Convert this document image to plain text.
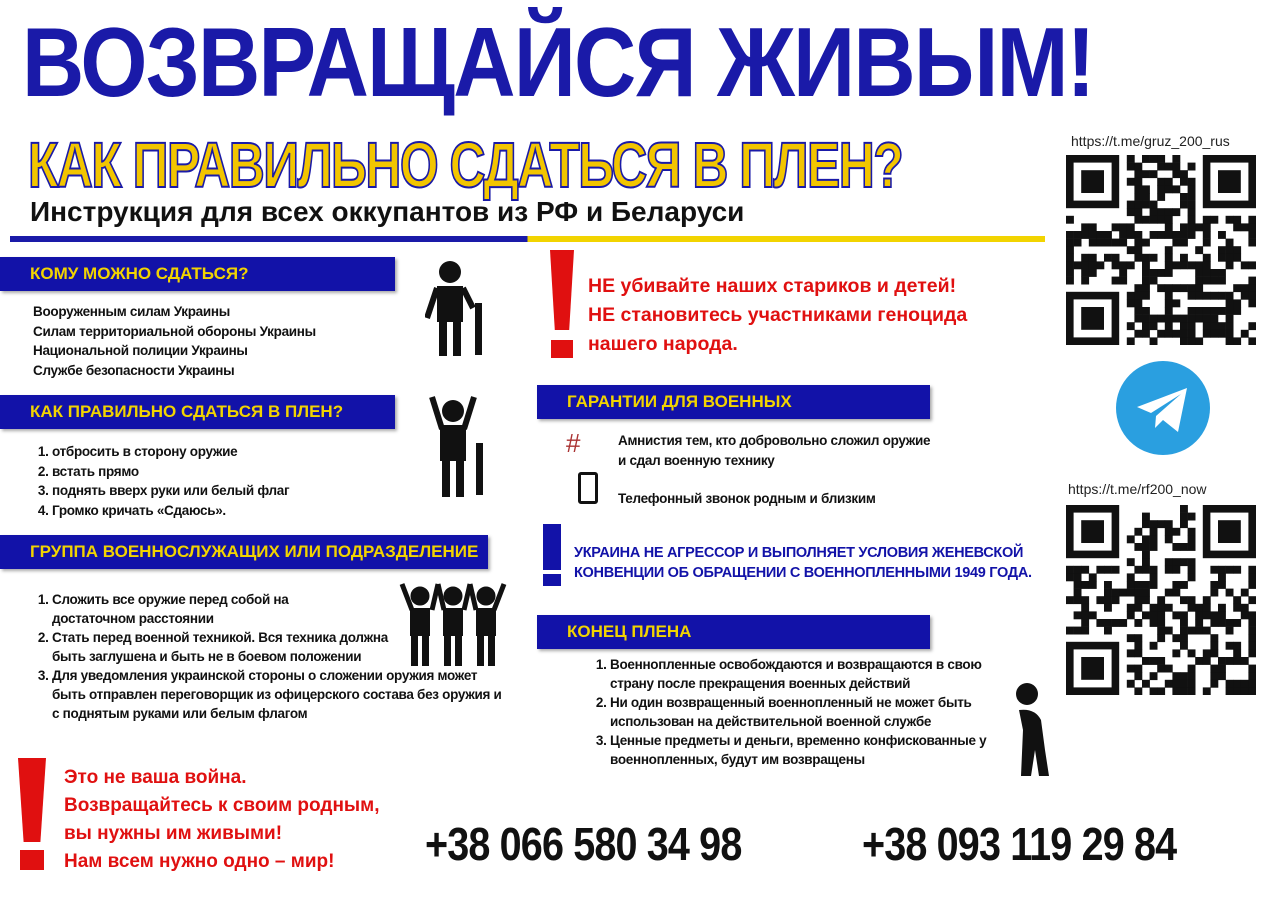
ВОЗВРАЩАЙСЯ ЖИВЫМ!
КАК ПРАВИЛЬНО СДАТЬСЯ В ПЛЕН?
Инструкция для всех оккупантов из РФ и Беларуси
КОМУ МОЖНО СДАТЬСЯ?
Вооруженным силам Украины
Силам территориальной обороны Украины
Национальной полиции Украины
Службе безопасности Украины
КАК ПРАВИЛЬНО СДАТЬСЯ В ПЛЕН?
1. отбросить в сторону оружие
2. встать прямо
3. поднять вверх руки или белый флаг
4. Громко кричать «Сдаюсь».
ГРУППА ВОЕННОСЛУЖАЩИХ ИЛИ ПОДРАЗДЕЛЕНИЕ
1. Сложить все оружие перед собой на достаточном расстоянии
2. Стать перед военной техникой. Вся техника должна быть заглушена и быть не в боевом положении
3. Для уведомления украинской стороны о сложении оружия может быть отправлен переговорщик из офицерского состава без оружия и с поднятым руками или белым флагом
Это не ваша война.
Возвращайтесь к своим родным,
вы нужны им живыми!
Нам всем нужно одно – мир!
НЕ убивайте наших стариков и детей!
НЕ становитесь участниками геноцида
нашего народа.
ГАРАНТИИ ДЛЯ ВОЕННЫХ
#	Амнистия тем, кто добровольно сложил оружие
и сдал военную технику
Телефонный звонок родным и близким
УКРАИНА НЕ АГРЕССОР И ВЫПОЛНЯЕТ УСЛОВИЯ ЖЕНЕВСКОЙ
КОНВЕНЦИИ ОБ ОБРАЩЕНИИ С ВОЕННОПЛЕННЫМИ 1949 ГОДА.
КОНЕЦ ПЛЕНА
1. Военнопленные освобождаются и возвращаются в свою страну после прекращения военных действий
2. Ни один возвращенный военнопленный не может быть использован на действительной военной службе
3. Ценные предметы и деньги, временно конфискованные у военнопленных, будут им возвращены
https://t.me/gruz_200_rus
https://t.me/rf200_now
+38 066 580 34 98	+38 093 119 29 84
